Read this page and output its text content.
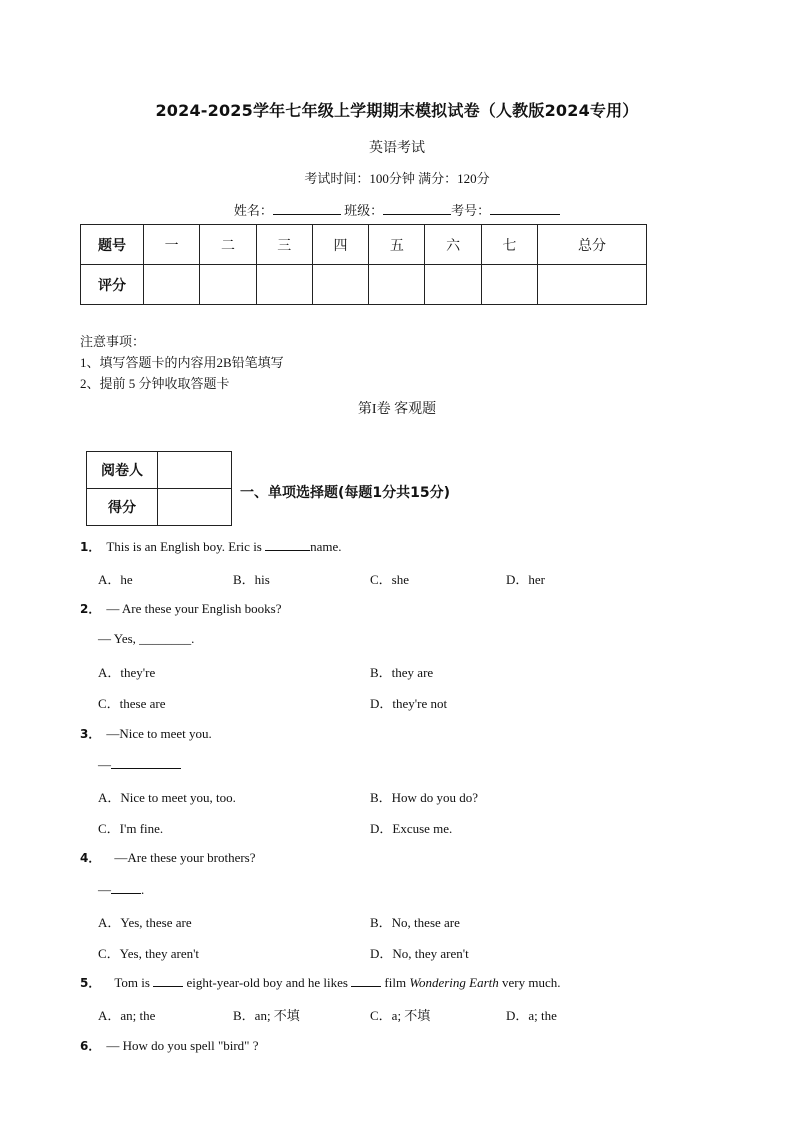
2024-2025学年七年级上学期期末模拟试卷（人教版2024专用）
英语考试
考试时间：100分钟 满分：120分
姓名：	班级：	考号：
题号	一	二	三	四	五	六	七	总分
评分								
注意事项：
1、填写答题卡的内容用2B铅笔填写
2、提前 5 分钟收取答题卡
第I卷 客观题
阅卷人	
得分	
一、单项选择题(每题1分共15分)
1． This is an English boy. Eric is	name.
A．he	B．his	C．she	D．her
2． — Are these your English books?
— Yes, ________.
A．they're	B．they are
C．these are	D．they're not
3． —Nice to meet you.
—
A．Nice to meet you, too.	B．How do you do?
C．I'm fine.	D．Excuse me.
4． —Are these your brothers?
— .
A．Yes, these are	B．No, these are
C．Yes, they aren't	D．No, they aren't
5． Tom is  eight-year-old boy and he likes  film Wondering Earth very much.
A．an; the	B．an; 不填	C．a; 不填	D．a; the
6． — How do you spell "bird" ?
